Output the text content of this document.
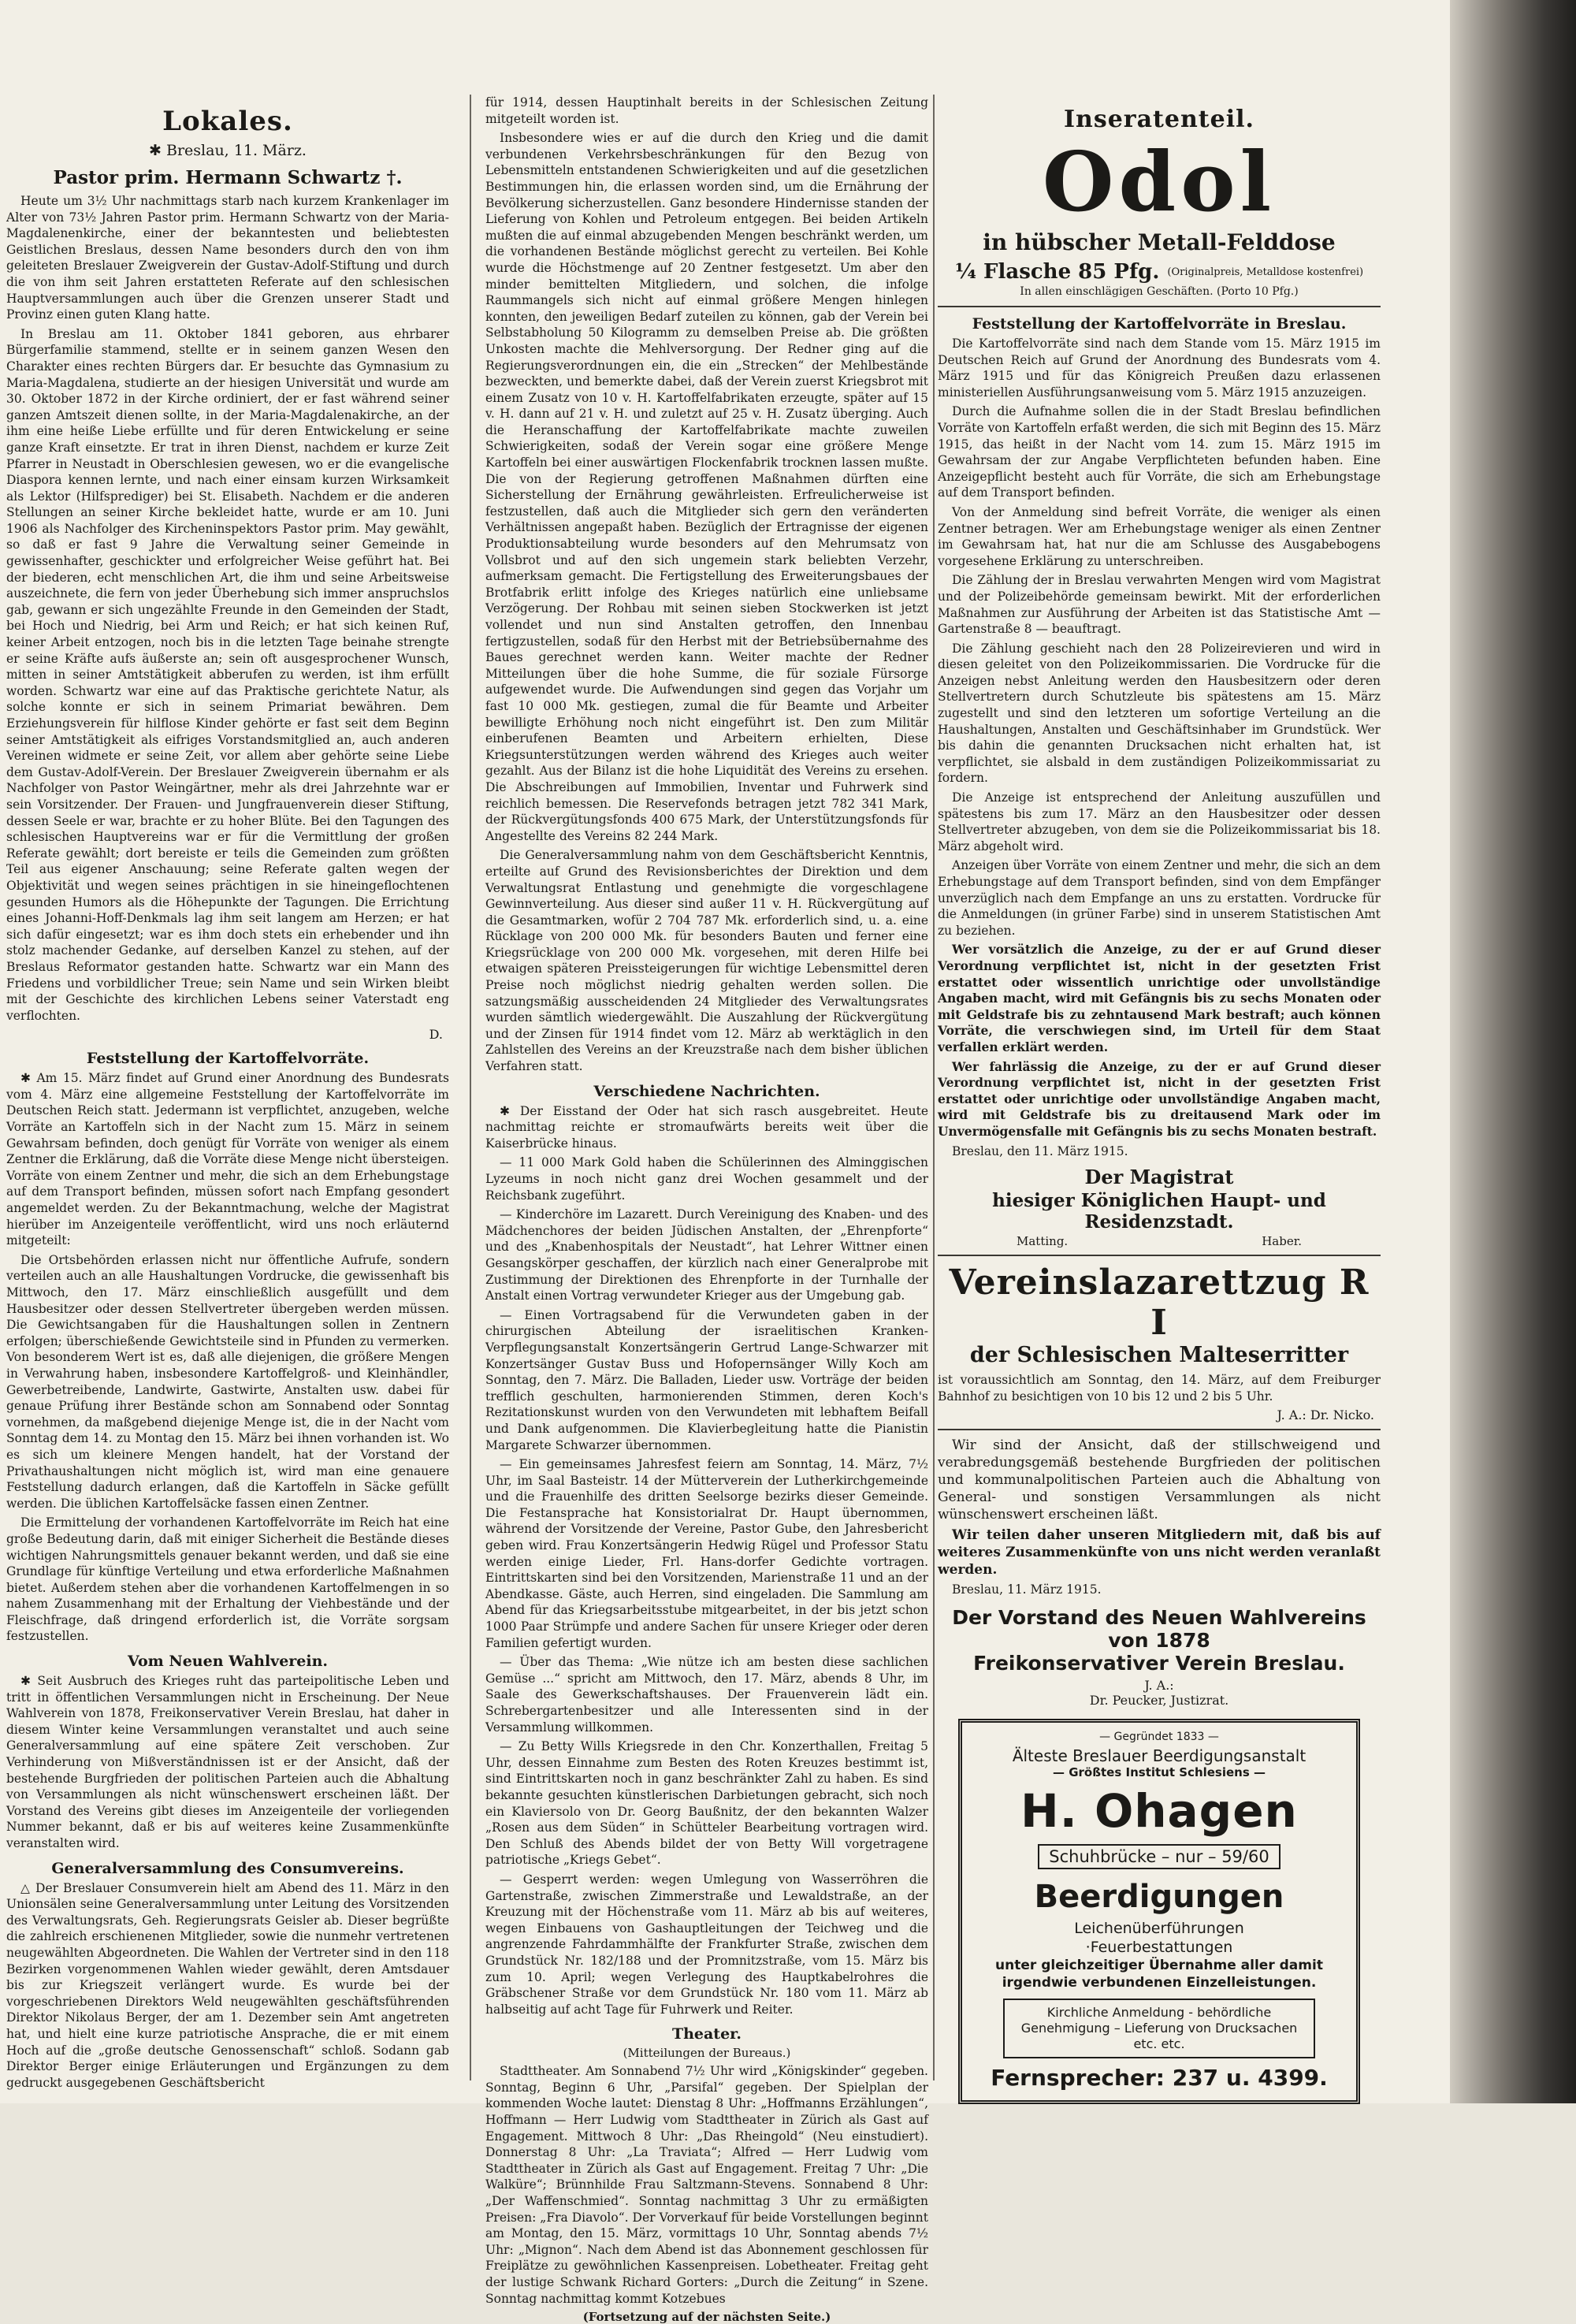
Lokales.
✱ Breslau, 11. März.
Pastor prim. Hermann Schwartz †.

Heute um 3½ Uhr nachmittags starb nach kurzem Krankenlager im Alter von 73½ Jahren Pastor prim. Hermann Schwartz von der Maria-Magdalenenkirche, einer der bekanntesten und beliebtesten Geistlichen Breslaus, dessen Name besonders durch den von ihm geleiteten Breslauer Zweigverein der Gustav-Adolf-Stiftung und durch die von ihm seit Jahren erstatteten Referate auf den schlesischen Hauptversammlungen auch über die Grenzen unserer Stadt und Provinz einen guten Klang hatte.

In Breslau am 11. Oktober 1841 geboren, aus ehrbarer Bürgerfamilie stammend, stellte er in seinem ganzen Wesen den Charakter eines rechten Bürgers dar. Er besuchte das Gymnasium zu Maria-Magdalena, studierte an der hiesigen Universität und wurde am 30. Oktober 1872 in der Kirche ordiniert, der er fast während seiner ganzen Amtszeit dienen sollte, in der Maria-Magdalenakirche, an der ihm eine heiße Liebe erfüllte und für deren Entwickelung er seine ganze Kraft einsetzte. Er trat in ihren Dienst, nachdem er kurze Zeit Pfarrer in Neustadt in Oberschlesien gewesen, wo er die evangelische Diaspora kennen lernte, und nach einer einsam kurzen Wirksamkeit als Lektor (Hilfsprediger) bei St. Elisabeth. Nachdem er die anderen Stellungen an seiner Kirche bekleidet hatte, wurde er am 10. Juni 1906 als Nachfolger des Kircheninspektors Pastor prim. May gewählt, so daß er fast 9 Jahre die Verwaltung seiner Gemeinde in gewissenhafter, geschickter und erfolgreicher Weise geführt hat. Bei der biederen, echt menschlichen Art, die ihm und seine Arbeitsweise auszeichnete, die fern von jeder Überhebung sich immer anspruchslos gab, gewann er sich ungezählte Freunde in den Gemeinden der Stadt, bei Hoch und Niedrig, bei Arm und Reich; er hat sich keinen Ruf, keiner Arbeit entzogen, noch bis in die letzten Tage beinahe strengte er seine Kräfte aufs äußerste an; sein oft ausgesprochener Wunsch, mitten in seiner Amtstätigkeit abberufen zu werden, ist ihm erfüllt worden. Schwartz war eine auf das Praktische gerichtete Natur, als solche konnte er sich in seinem Primariat bewähren. Dem Erziehungsverein für hilflose Kinder gehörte er fast seit dem Beginn seiner Amtstätigkeit als eifriges Vorstandsmitglied an, auch anderen Vereinen widmete er seine Zeit, vor allem aber gehörte seine Liebe dem Gustav-Adolf-Verein. Der Breslauer Zweigverein übernahm er als Nachfolger von Pastor Weingärtner, mehr als drei Jahrzehnte war er sein Vorsitzender. Der Frauen- und Jungfrauenverein dieser Stiftung, dessen Seele er war, brachte er zu hoher Blüte. Bei den Tagungen des schlesischen Hauptvereins war er für die Vermittlung der großen Referate gewählt; dort bereiste er teils die Gemeinden zum größten Teil aus eigener Anschauung; seine Referate galten wegen der Objektivität und wegen seines prächtigen in sie hineingeflochtenen gesunden Humors als die Höhepunkte der Tagungen. Die Errichtung eines Johanni-Hoff-Denkmals lag ihm seit langem am Herzen; er hat sich dafür eingesetzt; war es ihm doch stets ein erhebender und ihn stolz machender Gedanke, auf derselben Kanzel zu stehen, auf der Breslaus Reformator gestanden hatte. Schwartz war ein Mann des Friedens und vorbildlicher Treue; sein Name und sein Wirken bleibt mit der Geschichte des kirchlichen Lebens seiner Vaterstadt eng verflochten.

D.
Feststellung der Kartoffelvorräte.

✱ Am 15. März findet auf Grund einer Anordnung des Bundesrats vom 4. März eine allgemeine Feststellung der Kartoffelvorräte im Deutschen Reich statt. Jedermann ist verpflichtet, anzugeben, welche Vorräte an Kartoffeln sich in der Nacht zum 15. März in seinem Gewahrsam befinden, doch genügt für Vorräte von weniger als einem Zentner die Erklärung, daß die Vorräte diese Menge nicht übersteigen. Vorräte von einem Zentner und mehr, die sich an dem Erhebungstage auf dem Transport befinden, müssen sofort nach Empfang gesondert angemeldet werden. Zu der Bekanntmachung, welche der Magistrat hierüber im Anzeigenteile veröffentlicht, wird uns noch erläuternd mitgeteilt:

Die Ortsbehörden erlassen nicht nur öffentliche Aufrufe, sondern verteilen auch an alle Haushaltungen Vordrucke, die gewissenhaft bis Mittwoch, den 17. März einschließlich ausgefüllt und dem Hausbesitzer oder dessen Stellvertreter übergeben werden müssen. Die Gewichtsangaben für die Haushaltungen sollen in Zentnern erfolgen; überschießende Gewichtsteile sind in Pfunden zu vermerken. Von besonderem Wert ist es, daß alle diejenigen, die größere Mengen in Verwahrung haben, insbesondere Kartoffelgroß- und Kleinhändler, Gewerbetreibende, Landwirte, Gastwirte, Anstalten usw. dabei für genaue Prüfung ihrer Bestände schon am Sonnabend oder Sonntag vornehmen, da maßgebend diejenige Menge ist, die in der Nacht vom Sonntag dem 14. zu Montag den 15. März bei ihnen vorhanden ist. Wo es sich um kleinere Mengen handelt, hat der Vorstand der Privathaushaltungen nicht möglich ist, wird man eine genauere Feststellung dadurch erlangen, daß die Kartoffeln in Säcke gefüllt werden. Die üblichen Kartoffelsäcke fassen einen Zentner.

Die Ermittelung der vorhandenen Kartoffelvorräte im Reich hat eine große Bedeutung darin, daß mit einiger Sicherheit die Bestände dieses wichtigen Nahrungsmittels genauer bekannt werden, und daß sie eine Grundlage für künftige Verteilung und etwa erforderliche Maßnahmen bietet. Außerdem stehen aber die vorhandenen Kartoffelmengen in so nahem Zusammenhang mit der Erhaltung der Viehbestände und der Fleischfrage, daß dringend erforderlich ist, die Vorräte sorgsam festzustellen.

Vom Neuen Wahlverein.

✱ Seit Ausbruch des Krieges ruht das parteipolitische Leben und tritt in öffentlichen Versammlungen nicht in Erscheinung. Der Neue Wahlverein von 1878, Freikonservativer Verein Breslau, hat daher in diesem Winter keine Versammlungen veranstaltet und auch seine Generalversammlung auf eine spätere Zeit verschoben. Zur Verhinderung von Mißverständnissen ist er der Ansicht, daß der bestehende Burgfrieden der politischen Parteien auch die Abhaltung von Versammlungen als nicht wünschenswert erscheinen läßt. Der Vorstand des Vereins gibt dieses im Anzeigenteile der vorliegenden Nummer bekannt, daß er bis auf weiteres keine Zusammenkünfte veranstalten wird.

Generalversammlung des Consumvereins.

△ Der Breslauer Consumverein hielt am Abend des 11. März in den Unionsälen seine Generalversammlung unter Leitung des Vorsitzenden des Verwaltungsrats, Geh. Regierungsrats Geisler ab. Dieser begrüßte die zahlreich erschienenen Mitglieder, sowie die nunmehr vertretenen neugewählten Abgeordneten. Die Wahlen der Vertreter sind in den 118 Bezirken vorgenommenen Wahlen wieder gewählt, deren Amtsdauer bis zur Kriegszeit verlängert wurde. Es wurde bei der vorgeschriebenen Direktors Weld neugewählten geschäftsführenden Direktor Nikolaus Berger, der am 1. Dezember sein Amt angetreten hat, und hielt eine kurze patriotische Ansprache, die er mit einem Hoch auf die „große deutsche Genossenschaft“ schloß. Sodann gab Direktor Berger einige Erläuterungen und Ergänzungen zu dem gedruckt ausgegebenen Geschäftsbericht

für 1914, dessen Hauptinhalt bereits in der Schlesischen Zeitung mitgeteilt worden ist.

Insbesondere wies er auf die durch den Krieg und die damit verbundenen Verkehrsbeschränkungen für den Bezug von Lebensmitteln entstandenen Schwierigkeiten und auf die gesetzlichen Bestimmungen hin, die erlassen worden sind, um die Ernährung der Bevölkerung sicherzustellen. Ganz besondere Hindernisse standen der Lieferung von Kohlen und Petroleum entgegen. Bei beiden Artikeln mußten die auf einmal abzugebenden Mengen beschränkt werden, um die vorhandenen Bestände möglichst gerecht zu verteilen. Bei Kohle wurde die Höchstmenge auf 20 Zentner festgesetzt. Um aber den minder bemittelten Mitgliedern, und solchen, die infolge Raummangels sich nicht auf einmal größere Mengen hinlegen konnten, den jeweiligen Bedarf zuteilen zu können, gab der Verein bei Selbstabholung 50 Kilogramm zu demselben Preise ab. Die größten Unkosten machte die Mehlversorgung. Der Redner ging auf die Regierungsverordnungen ein, die ein „Strecken“ der Mehlbestände bezweckten, und bemerkte dabei, daß der Verein zuerst Kriegsbrot mit einem Zusatz von 10 v. H. Kartoffelfabrikaten erzeugte, später auf 15 v. H. dann auf 21 v. H. und zuletzt auf 25 v. H. Zusatz überging. Auch die Heranschaffung der Kartoffelfabrikate machte zuweilen Schwierigkeiten, sodaß der Verein sogar eine größere Menge Kartoffeln bei einer auswärtigen Flockenfabrik trocknen lassen mußte. Die von der Regierung getroffenen Maßnahmen dürften eine Sicherstellung der Ernährung gewährleisten. Erfreulicherweise ist festzustellen, daß auch die Mitglieder sich gern den veränderten Verhältnissen angepaßt haben. Bezüglich der Ertragnisse der eigenen Produktionsabteilung wurde besonders auf den Mehrumsatz von Vollsbrot und auf den sich ungemein stark beliebten Verzehr, aufmerksam gemacht. Die Fertigstellung des Erweiterungsbaues der Brotfabrik erlitt infolge des Krieges natürlich eine unliebsame Verzögerung. Der Rohbau mit seinen sieben Stockwerken ist jetzt vollendet und nun sind Anstalten getroffen, den Innenbau fertigzustellen, sodaß für den Herbst mit der Betriebsübernahme des Baues gerechnet werden kann. Weiter machte der Redner Mitteilungen über die hohe Summe, die für soziale Fürsorge aufgewendet wurde. Die Aufwendungen sind gegen das Vorjahr um fast 10 000 Mk. gestiegen, zumal die für Beamte und Arbeiter bewilligte Erhöhung noch nicht eingeführt ist. Den zum Militär einberufenen Beamten und Arbeitern erhielten, Diese Kriegsunterstützungen werden während des Krieges auch weiter gezahlt. Aus der Bilanz ist die hohe Liquidität des Vereins zu ersehen. Die Abschreibungen auf Immobilien, Inventar und Fuhrwerk sind reichlich bemessen. Die Reservefonds betragen jetzt 782 341 Mark, der Rückvergütungsfonds 400 675 Mark, der Unterstützungsfonds für Angestellte des Vereins 82 244 Mark.

Die Generalversammlung nahm von dem Geschäftsbericht Kenntnis, erteilte auf Grund des Revisionsberichtes der Direktion und dem Verwaltungsrat Entlastung und genehmigte die vorgeschlagene Gewinnverteilung. Aus dieser sind außer 11 v. H. Rückvergütung auf die Gesamtmarken, wofür 2 704 787 Mk. erforderlich sind, u. a. eine Rücklage von 200 000 Mk. für besonders Bauten und ferner eine Kriegsrücklage von 200 000 Mk. vorgesehen, mit deren Hilfe bei etwaigen späteren Preissteigerungen für wichtige Lebensmittel deren Preise noch möglichst niedrig gehalten werden sollen. Die satzungsmäßig ausscheidenden 24 Mitglieder des Verwaltungsrates wurden sämtlich wiedergewählt. Die Auszahlung der Rückvergütung und der Zinsen für 1914 findet vom 12. März ab werktäglich in den Zahlstellen des Vereins an der Kreuzstraße nach dem bisher üblichen Verfahren statt.

Verschiedene Nachrichten.

✱ Der Eisstand der Oder hat sich rasch ausgebreitet. Heute nachmittag reichte er stromaufwärts bereits weit über die Kaiserbrücke hinaus.

— 11 000 Mark Gold haben die Schülerinnen des Alminggischen Lyzeums in noch nicht ganz drei Wochen gesammelt und der Reichsbank zugeführt.

— Kinderchöre im Lazarett. Durch Vereinigung des Knaben- und des Mädchenchores der beiden Jüdischen Anstalten, der „Ehrenpforte“ und des „Knabenhospitals der Neustadt“, hat Lehrer Wittner einen Gesangskörper geschaffen, der kürzlich nach einer Generalprobe mit Zustimmung der Direktionen des Ehrenpforte in der Turnhalle der Anstalt einen Vortrag verwundeter Krieger aus der Umgebung gab.

— Einen Vortragsabend für die Verwundeten gaben in der chirurgischen Abteilung der israelitischen Kranken-Verpflegungsanstalt Konzertsängerin Gertrud Lange-Schwarzer mit Konzertsänger Gustav Buss und Hofopernsänger Willy Koch am Sonntag, den 7. März. Die Balladen, Lieder usw. Vorträge der beiden trefflich geschulten, harmonierenden Stimmen, deren Koch's Rezitationskunst wurden von den Verwundeten mit lebhaftem Beifall und Dank aufgenommen. Die Klavierbegleitung hatte die Pianistin Margarete Schwarzer übernommen.

— Ein gemeinsames Jahresfest feiern am Sonntag, 14. März, 7½ Uhr, im Saal Basteistr. 14 der Mütterverein der Lutherkirchgemeinde und die Frauenhilfe des dritten Seelsorge bezirks dieser Gemeinde. Die Festansprache hat Konsistorialrat Dr. Haupt übernommen, während der Vorsitzende der Vereine, Pastor Gube, den Jahresbericht geben wird. Frau Konzertsängerin Hedwig Rügel und Professor Statu werden einige Lieder, Frl. Hans-dorfer Gedichte vortragen. Eintrittskarten sind bei den Vorsitzenden, Marienstraße 11 und an der Abendkasse. Gäste, auch Herren, sind eingeladen. Die Sammlung am Abend für das Kriegsarbeitsstube mitgearbeitet, in der bis jetzt schon 1000 Paar Strümpfe und andere Sachen für unsere Krieger oder deren Familien gefertigt wurden.

— Über das Thema: „Wie nütze ich am besten diese sachlichen Gemüse ...“ spricht am Mittwoch, den 17. März, abends 8 Uhr, im Saale des Gewerkschaftshauses. Der Frauenverein lädt ein. Schrebergartenbesitzer und alle Interessenten sind in der Versammlung willkommen.

— Zu Betty Wills Kriegsrede in den Chr. Konzerthallen, Freitag 5 Uhr, dessen Einnahme zum Besten des Roten Kreuzes bestimmt ist, sind Eintrittskarten noch in ganz beschränkter Zahl zu haben. Es sind bekannte gesuchten künstlerischen Darbietungen gebracht, sich noch ein Klaviersolo von Dr. Georg Baußnitz, der den bekannten Walzer „Rosen aus dem Süden“ in Schütteler Bearbeitung vortragen wird. Den Schluß des Abends bildet der von Betty Will vorgetragene patriotische „Kriegs Gebet“.

— Gesperrt werden: wegen Umlegung von Wasserröhren die Gartenstraße, zwischen Zimmerstraße und Lewaldstraße, an der Kreuzung mit der Höchenstraße vom 11. März ab bis auf weiteres, wegen Einbauens von Gashauptleitungen der Teichweg und die angrenzende Fahrdammhälfte der Frankfurter Straße, zwischen dem Grundstück Nr. 182/188 und der Promnitzstraße, vom 15. März bis zum 10. April; wegen Verlegung des Hauptkabelrohres die Gräbschener Straße vor dem Grundstück Nr. 180 vom 11. März ab halbseitig auf acht Tage für Fuhrwerk und Reiter.

Theater.
(Mitteilungen der Bureaus.)

Stadttheater. Am Sonnabend 7½ Uhr wird „Königskinder“ gegeben. Sonntag, Beginn 6 Uhr, „Parsifal“ gegeben. Der Spielplan der kommenden Woche lautet: Dienstag 8 Uhr: „Hoffmanns Erzählungen“, Hoffmann — Herr Ludwig vom Stadttheater in Zürich als Gast auf Engagement. Mittwoch 8 Uhr: „Das Rheingold“ (Neu einstudiert). Donnerstag 8 Uhr: „La Traviata“; Alfred — Herr Ludwig vom Stadttheater in Zürich als Gast auf Engagement. Freitag 7 Uhr: „Die Walküre“; Brünnhilde Frau Saltzmann-Stevens. Sonnabend 8 Uhr: „Der Waffenschmied“. Sonntag nachmittag 3 Uhr zu ermäßigten Preisen: „Fra Diavolo“. Der Vorverkauf für beide Vorstellungen beginnt am Montag, den 15. März, vormittags 10 Uhr, Sonntag abends 7½ Uhr: „Mignon“. Nach dem Abend ist das Abonnement geschlossen für Freiplätze zu gewöhnlichen Kassenpreisen. Lobetheater. Freitag geht der lustige Schwank Richard Gorters: „Durch die Zeitung“ in Szene. Sonntag nachmittag kommt Kotzebues

(Fortsetzung auf der nächsten Seite.)
Inseratenteil.
Odol
in hübscher Metall-Felddose
¼ Flasche 85 Pfg. (Originalpreis, Metalldose kostenfrei)
In allen einschlägigen Geschäften. (Porto 10 Pfg.)
Feststellung der Kartoffelvorräte in Breslau.

Die Kartoffelvorräte sind nach dem Stande vom 15. März 1915 im Deutschen Reich auf Grund der Anordnung des Bundesrats vom 4. März 1915 und für das Königreich Preußen dazu erlassenen ministeriellen Ausführungsanweisung vom 5. März 1915 anzuzeigen.

Durch die Aufnahme sollen die in der Stadt Breslau befindlichen Vorräte von Kartoffeln erfaßt werden, die sich mit Beginn des 15. März 1915, das heißt in der Nacht vom 14. zum 15. März 1915 im Gewahrsam der zur Angabe Verpflichteten befunden haben. Eine Anzeigepflicht besteht auch für Vorräte, die sich am Erhebungstage auf dem Transport befinden.

Von der Anmeldung sind befreit Vorräte, die weniger als einen Zentner betragen. Wer am Erhebungstage weniger als einen Zentner im Gewahrsam hat, hat nur die am Schlusse des Ausgabebogens vorgesehene Erklärung zu unterschreiben.

Die Zählung der in Breslau verwahrten Mengen wird vom Magistrat und der Polizeibehörde gemeinsam bewirkt. Mit der erforderlichen Maßnahmen zur Ausführung der Arbeiten ist das Statistische Amt — Gartenstraße 8 — beauftragt.

Die Zählung geschieht nach den 28 Polizeirevieren und wird in diesen geleitet von den Polizeikommissarien. Die Vordrucke für die Anzeigen nebst Anleitung werden den Hausbesitzern oder deren Stellvertretern durch Schutzleute bis spätestens am 15. März zugestellt und sind den letzteren um sofortige Verteilung an die Haushaltungen, Anstalten und Geschäftsinhaber im Grundstück. Wer bis dahin die genannten Drucksachen nicht erhalten hat, ist verpflichtet, sie alsbald in dem zuständigen Polizeikommissariat zu fordern.

Die Anzeige ist entsprechend der Anleitung auszufüllen und spätestens bis zum 17. März an den Hausbesitzer oder dessen Stellvertreter abzugeben, von dem sie die Polizeikommissariat bis 18. März abgeholt wird.

Anzeigen über Vorräte von einem Zentner und mehr, die sich an dem Erhebungstage auf dem Transport befinden, sind von dem Empfänger unverzüglich nach dem Empfange an uns zu erstatten. Vordrucke für die Anmeldungen (in grüner Farbe) sind in unserem Statistischen Amt zu beziehen.

Wer vorsätzlich die Anzeige, zu der er auf Grund dieser Verordnung verpflichtet ist, nicht in der gesetzten Frist erstattet oder wissentlich unrichtige oder unvollständige Angaben macht, wird mit Gefängnis bis zu sechs Monaten oder mit Geldstrafe bis zu zehntausend Mark bestraft; auch können Vorräte, die verschwiegen sind, im Urteil für dem Staat verfallen erklärt werden.

Wer fahrlässig die Anzeige, zu der er auf Grund dieser Verordnung verpflichtet ist, nicht in der gesetzten Frist erstattet oder unrichtige oder unvollständige Angaben macht, wird mit Geldstrafe bis zu dreitausend Mark oder im Unvermögensfalle mit Gefängnis bis zu sechs Monaten bestraft.

Breslau, den 11. März 1915.

Der Magistrat
hiesiger Königlichen Haupt- und Residenzstadt.
Matting.	Haber.
Vereinslazarettzug R I
der Schlesischen Malteserritter

ist voraussichtlich am Sonntag, den 14. März, auf dem Freiburger Bahnhof zu besichtigen von 10 bis 12 und 2 bis 5 Uhr.

J. A.: Dr. Nicko.

Wir sind der Ansicht, daß der stillschweigend und verabredungsgemäß bestehende Burgfrieden der politischen und kommunalpolitischen Parteien auch die Abhaltung von General- und sonstigen Versammlungen als nicht wünschenswert erscheinen läßt.

Wir teilen daher unseren Mitgliedern mit, daß bis auf weiteres Zusammenkünfte von uns nicht werden veranlaßt werden.

Breslau, 11. März 1915.

Der Vorstand des Neuen Wahlvereins von 1878
Freikonservativer Verein Breslau.

J. A.:

Dr. Peucker, Justizrat.

— Gegründet 1833 —
Älteste Breslauer Beerdigungsanstalt
— Größtes Institut Schlesiens —
H. Ohagen
Schuhbrücke – nur – 59/60
Beerdigungen
Leichenüberführungen
·Feuerbestattungen
unter gleichzeitiger Übernahme aller damit
irgendwie verbundenen Einzelleistungen.
Kirchliche Anmeldung - behördliche Genehmigung – Lieferung von Drucksachen etc. etc.
Fernsprecher: 237 u. 4399.
